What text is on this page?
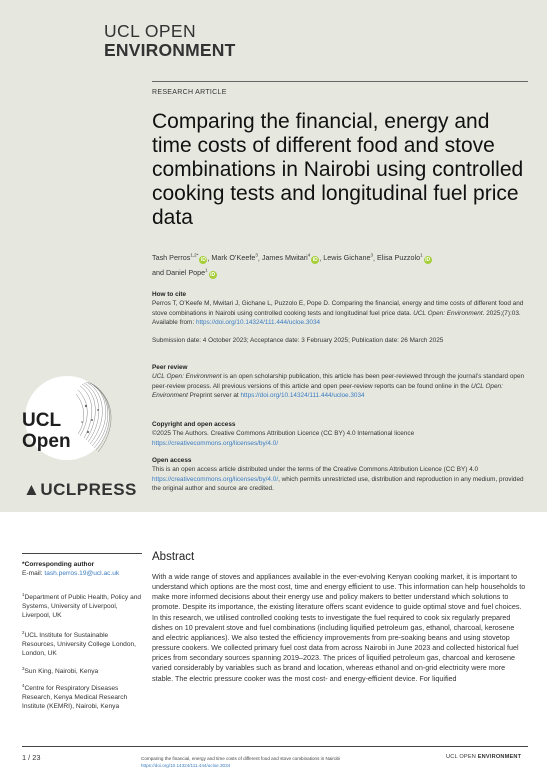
UCL OPEN
ENVIRONMENT
RESEARCH ARTICLE
Comparing the financial, energy and time costs of different food and stove combinations in Nairobi using controlled cooking tests and longitudinal fuel price data
Tash Perros$^{1,2*}$iD , Mark O’Keefe$^3$, James Mwitari$^4$iD , Lewis Gichane$^3$, Elisa Puzzolo$^1$iD
and Daniel Pope$^1$iD
How to cite
Perros T, O’Keefe M, Mwitari J, Gichane L, Puzzolo E, Pope D. Comparing the financial, energy and time costs of different food and stove combinations in Nairobi using controlled cooking tests and longitudinal fuel price data. UCL Open: Environment. 2025;(7):03. Available from: https://doi.org/10.14324/111.444/ucloe.3034
Submission date: 4 October 2023; Acceptance date: 3 February 2025; Publication date: 26 March 2025
Peer review
UCL Open: Environment is an open scholarship publication, this article has been peer-reviewed through the journal’s standard open peer-review process. All previous versions of this article and open peer-review reports can be found online in the UCL Open: Environment Preprint server at https://doi.org/10.14324/111.444/ucloe.3034
Copyright and open access
©2025 The Authors. Creative Commons Attribution Licence (CC BY) 4.0 International licence
https://creativecommons.org/licenses/by/4.0/
Open access
This is an open access article distributed under the terms of the Creative Commons Attribution Licence (CC BY) 4.0 https://creativecommons.org/licenses/by/4.0/, which permits unrestricted use, distribution and reproduction in any medium, provided the original author and source are credited.
UCL
Open
▲UCLPRESS
*Corresponding author
E-mail: tash.perros.19@ucl.ac.uk
$^1$Department of Public Health, Policy and Systems, University of Liverpool, Liverpool, UK
$^2$UCL Institute for Sustainable Resources, University College London, London, UK
$^3$Sun King, Nairobi, Kenya
$^4$Centre for Respiratory Diseases Research, Kenya Medical Research Institute (KEMRI), Nairobi, Kenya
Abstract

With a wide range of stoves and appliances available in the ever-evolving Kenyan cooking market, it is important to understand which options are the most cost, time and energy efficient to use. This information can help households to make more informed decisions about their energy use and policy makers to better understand which solutions to promote. Despite its importance, the existing literature offers scant evidence to guide optimal stove and fuel choices. In this research, we utilised controlled cooking tests to investigate the fuel required to cook six regularly prepared dishes on 10 prevalent stove and fuel combinations (including liquified petroleum gas, ethanol, charcoal, kerosene and electric appliances). We also tested the efficiency improvements from pre-soaking beans and using stovetop pressure cookers. We collected primary fuel cost data from across Nairobi in June 2023 and collected historical fuel prices from secondary sources spanning 2019–2023. The prices of liquified petroleum gas, charcoal and kerosene varied considerably by variables such as brand and location, whereas ethanol and on-grid electricity were more stable. The electric pressure cooker was the most cost- and energy-efficient device. For liquified

1 / 23	Comparing the financial, energy and time costs of different food and stove combinations in Nairobi
https://doi.org/10.14324/111.444/ucloe.3034
UCL OPEN ENVIRONMENT
